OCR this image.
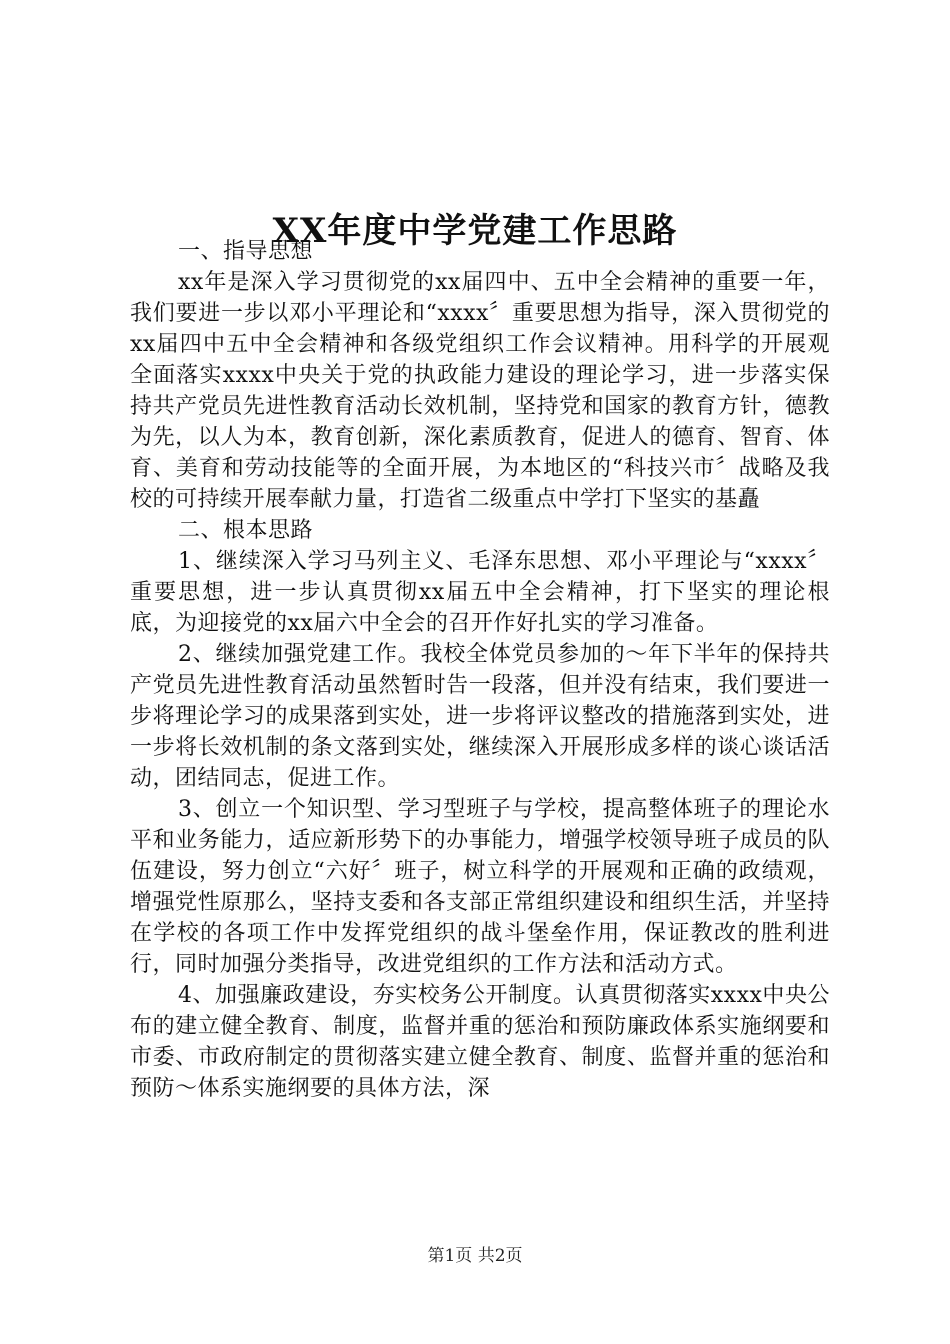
XX年度中学党建工作思路

一、指导思想

xx年是深入学习贯彻党的xx届四中、五中全会精神的重要一年，我们要进一步以邓小平理论和“xxxx〞重要思想为指导，深入贯彻党的xx届四中五中全会精神和各级党组织工作会议精神。用科学的开展观全面落实xxxx中央关于党的执政能力建设的理论学习，进一步落实保持共产党员先进性教育活动长效机制，坚持党和国家的教育方针，德教为先，以人为本，教育创新，深化素质教育，促进人的德育、智育、体育、美育和劳动技能等的全面开展，为本地区的“科技兴市〞战略及我校的可持续开展奉献力量，打造省二级重点中学打下坚实的基矗

二、根本思路

1、继续深入学习马列主义、毛泽东思想、邓小平理论与“xxxx〞重要思想，进一步认真贯彻xx届五中全会精神，打下坚实的理论根底，为迎接党的xx届六中全会的召开作好扎实的学习准备。

2、继续加强党建工作。我校全体党员参加的～年下半年的保持共产党员先进性教育活动虽然暂时告一段落，但并没有结束，我们要进一步将理论学习的成果落到实处，进一步将评议整改的措施落到实处，进一步将长效机制的条文落到实处，继续深入开展形成多样的谈心谈话活动，团结同志，促进工作。

3、创立一个知识型、学习型班子与学校，提高整体班子的理论水平和业务能力，适应新形势下的办事能力，增强学校领导班子成员的队伍建设，努力创立“六好〞班子，树立科学的开展观和正确的政绩观，增强党性原那么，坚持支委和各支部正常组织建设和组织生活，并坚持在学校的各项工作中发挥党组织的战斗堡垒作用，保证教改的胜利进行，同时加强分类指导，改进党组织的工作方法和活动方式。

4、加强廉政建设，夯实校务公开制度。认真贯彻落实xxxx中央公布的建立健全教育、制度，监督并重的惩治和预防廉政体系实施纲要和市委、市政府制定的贯彻落实建立健全教育、制度、监督并重的惩治和预防～体系实施纲要的具体方法，深

第1页 共2页
